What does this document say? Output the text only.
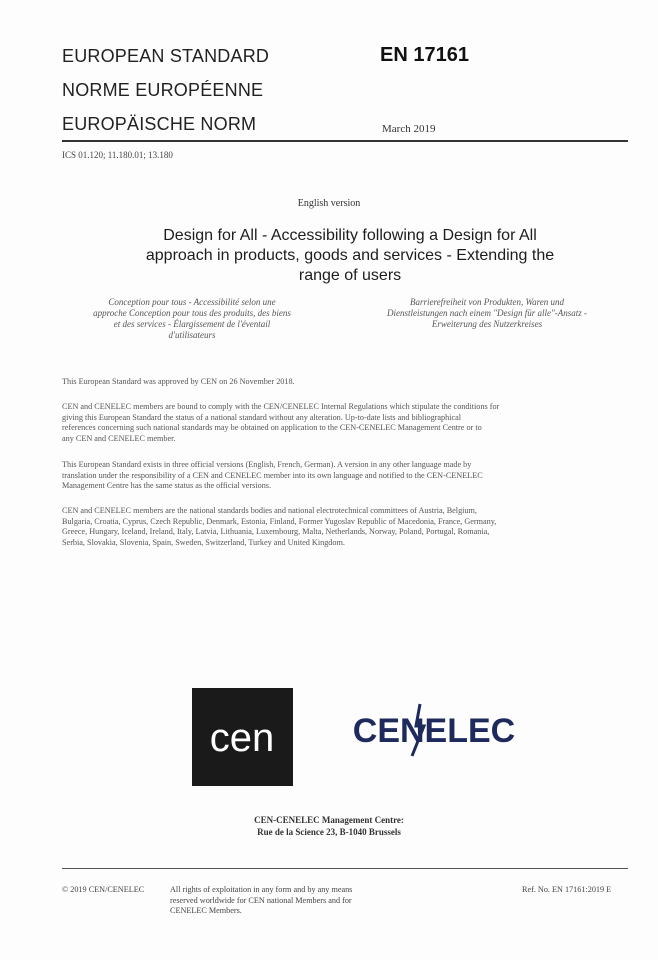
EUROPEAN STANDARD
NORME EUROPÉENNE
EUROPÄISCHE NORM
EN 17161
March 2019
ICS 01.120; 11.180.01; 13.180
English version
Design for All - Accessibility following a Design for All
approach in products, goods and services - Extending the
range of users
Conception pour tous - Accessibilité selon une
approche Conception pour tous des produits, des biens
et des services - Élargissement de l'éventail
d'utilisateurs
Barrierefreiheit von Produkten, Waren und
Dienstleistungen nach einem "Design für alle"-Ansatz -
Erweiterung des Nutzerkreises
This European Standard was approved by CEN on 26 November 2018.
CEN and CENELEC members are bound to comply with the CEN/CENELEC Internal Regulations which stipulate the conditions for
giving this European Standard the status of a national standard without any alteration. Up-to-date lists and bibliographical
references concerning such national standards may be obtained on application to the CEN-CENELEC Management Centre or to
any CEN and CENELEC member.
This European Standard exists in three official versions (English, French, German). A version in any other language made by
translation under the responsibility of a CEN and CENELEC member into its own language and notified to the CEN-CENELEC
Management Centre has the same status as the official versions.
CEN and CENELEC members are the national standards bodies and national electrotechnical committees of Austria, Belgium,
Bulgaria, Croatia, Cyprus, Czech Republic, Denmark, Estonia, Finland, Former Yugoslav Republic of Macedonia, France, Germany,
Greece, Hungary, Iceland, Ireland, Italy, Latvia, Lithuania, Luxembourg, Malta, Netherlands, Norway, Poland, Portugal, Romania,
Serbia, Slovakia, Slovenia, Spain, Sweden, Switzerland, Turkey and United Kingdom.
cen CENELEC
CEN-CENELEC Management Centre:
Rue de la Science 23, B-1040 Brussels
© 2019 CEN/CENELEC	All rights of exploitation in any form and by any means
reserved worldwide for CEN national Members and for
CENELEC Members.
Ref. No. EN 17161:2019 E
